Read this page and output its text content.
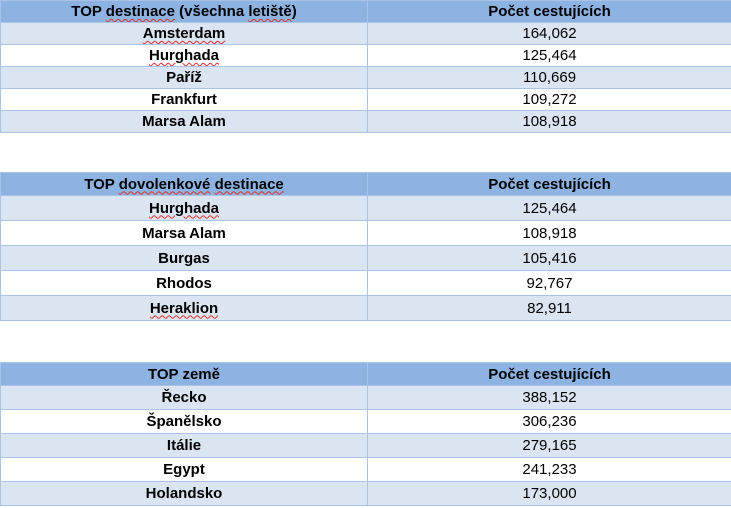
TOP destinace (všechna letiště)	Počet cestujících
Amsterdam	164,062
Hurghada	125,464
Paříž	110,669
Frankfurt	109,272
Marsa Alam	108,918
TOP dovolenkové destinace	Počet cestujících
Hurghada	125,464
Marsa Alam	108,918
Burgas	105,416
Rhodos	92,767
Heraklion	82,911
TOP země	Počet cestujících
Řecko	388,152
Španělsko	306,236
Itálie	279,165
Egypt	241,233
Holandsko	173,000
